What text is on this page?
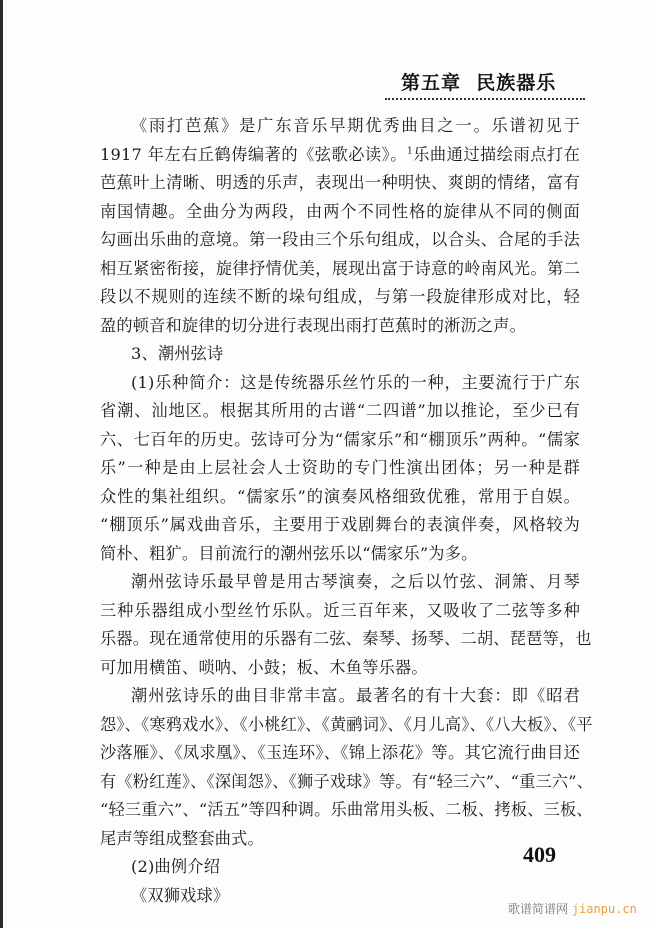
第五章 民族器乐
《雨打芭蕉》是广东音乐早期优秀曲目之一。乐谱初见于
1917 年左右丘鹤俦编著的《弦歌必读》。$^1$乐曲通过描绘雨点打在
芭蕉叶上清晰、明透的乐声，表现出一种明快、爽朗的情绪，富有
南国情趣。全曲分为两段，由两个不同性格的旋律从不同的侧面
勾画出乐曲的意境。第一段由三个乐句组成，以合头、合尾的手法
相互紧密衔接，旋律抒情优美，展现出富于诗意的岭南风光。第二
段以不规则的连续不断的垛句组成，与第一段旋律形成对比，轻
盈的顿音和旋律的切分进行表现出雨打芭蕉时的淅沥之声。
3、潮州弦诗
(1)乐种简介：这是传统器乐丝竹乐的一种，主要流行于广东
省潮、汕地区。根据其所用的古谱“二四谱”加以推论，至少已有
六、七百年的历史。弦诗可分为“儒家乐”和“棚顶乐”两种。“儒家
乐”一种是由上层社会人士资助的专门性演出团体；另一种是群
众性的集社组织。“儒家乐”的演奏风格细致优雅，常用于自娱。
“棚顶乐”属戏曲音乐，主要用于戏剧舞台的表演伴奏，风格较为
简朴、粗犷。目前流行的潮州弦乐以“儒家乐”为多。
潮州弦诗乐最早曾是用古琴演奏，之后以竹弦、洞箫、月琴
三种乐器组成小型丝竹乐队。近三百年来，又吸收了二弦等多种
乐器。现在通常使用的乐器有二弦、秦琴、扬琴、二胡、琵琶等，也
可加用横笛、唢呐、小鼓；板、木鱼等乐器。
潮州弦诗乐的曲目非常丰富。最著名的有十大套：即《昭君
怨》、《寒鸦戏水》、《小桃红》、《黄鹂词》、《月儿高》、《八大板》、《平
沙落雁》、《凤求凰》、《玉连环》、《锦上添花》等。其它流行曲目还
有《粉红莲》、《深闺怨》、《狮子戏球》等。有“轻三六”、“重三六”、
“轻三重六”、“活五”等四种调。乐曲常用头板、二板、拷板、三板、
尾声等组成整套曲式。
(2)曲例介绍
《双狮戏球》
409
歌谱简谱网 jianpu.cn
